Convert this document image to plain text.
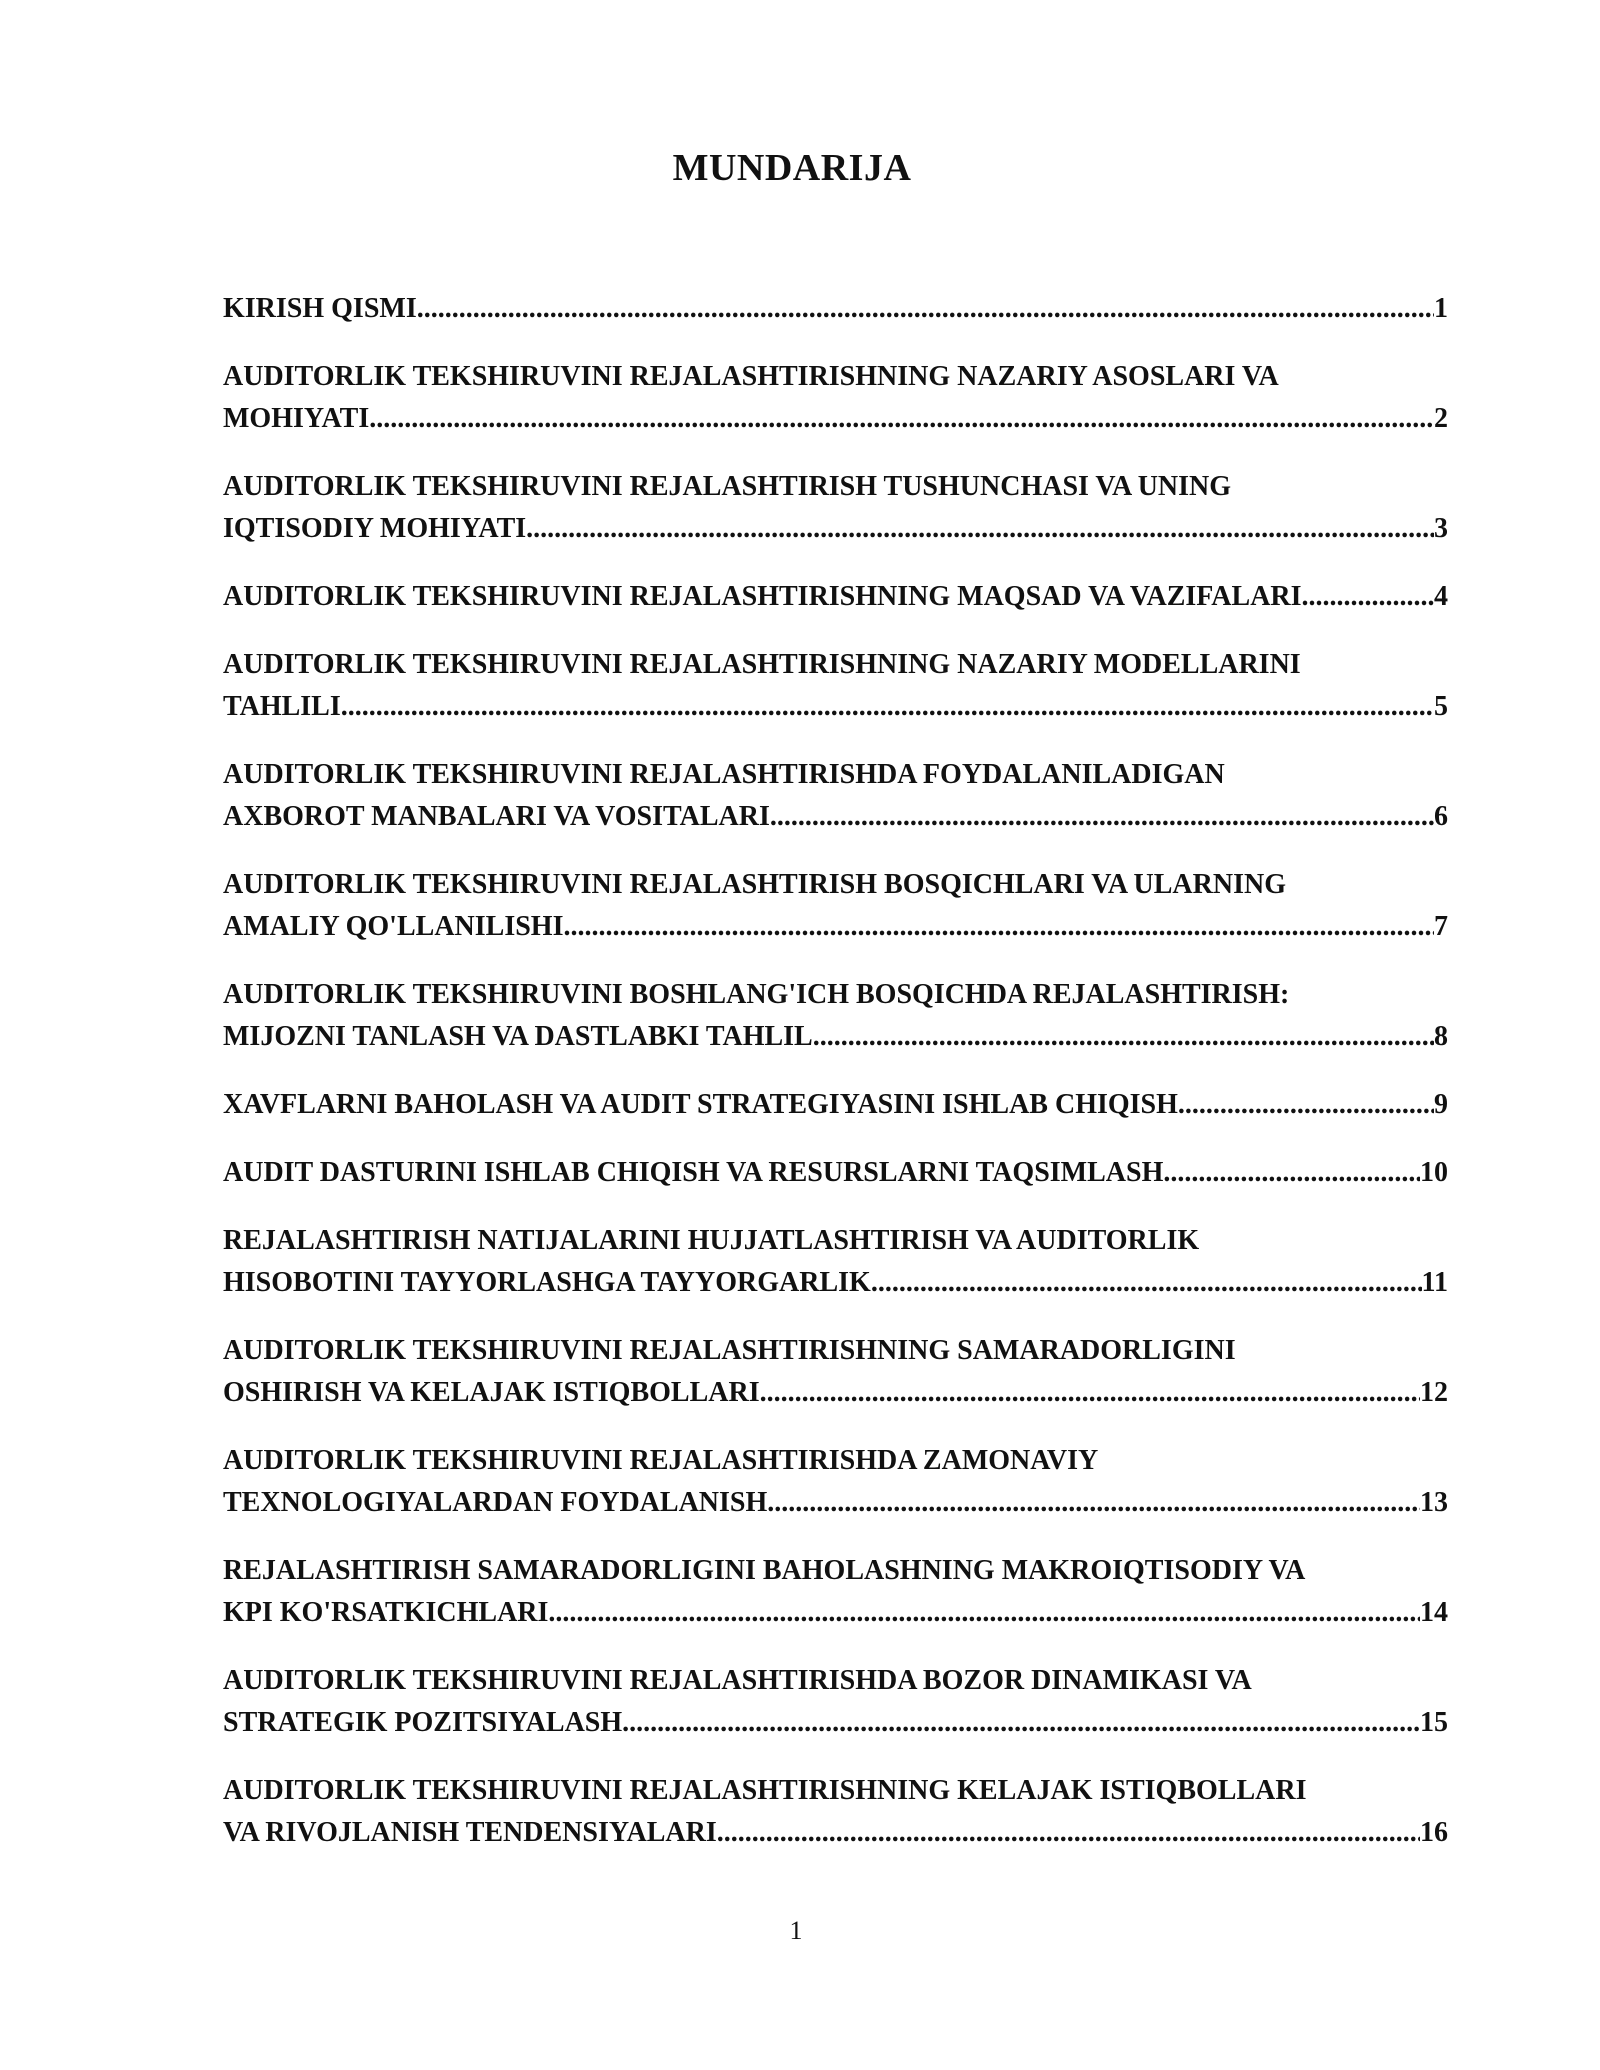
MUNDARIJA
KIRISH QISMI .....	1
AUDITORLIK TEKSHIRUVINI REJALASHTIRISHNING NAZARIY ASOSLARI VA
MOHIYATI .....	2
AUDITORLIK TEKSHIRUVINI REJALASHTIRISH TUSHUNCHASI VA UNING
IQTISODIY MOHIYATI .....	3
AUDITORLIK TEKSHIRUVINI REJALASHTIRISHNING MAQSAD VA VAZIFALARI .....	4
AUDITORLIK TEKSHIRUVINI REJALASHTIRISHNING NAZARIY MODELLARINI
TAHLILI .....	5
AUDITORLIK TEKSHIRUVINI REJALASHTIRISHDA FOYDALANILADIGAN
AXBOROT MANBALARI VA VOSITALARI .....	6
AUDITORLIK TEKSHIRUVINI REJALASHTIRISH BOSQICHLARI VA ULARNING
AMALIY QO'LLANILISHI .....	7
AUDITORLIK TEKSHIRUVINI BOSHLANG'ICH BOSQICHDA REJALASHTIRISH:
MIJOZNI TANLASH VA DASTLABKI TAHLIL .....	8
XAVFLARNI BAHOLASH VA AUDIT STRATEGIYASINI ISHLAB CHIQISH .....	9
AUDIT DASTURINI ISHLAB CHIQISH VA RESURSLARNI TAQSIMLASH .....	10
REJALASHTIRISH NATIJALARINI HUJJATLASHTIRISH VA AUDITORLIK
HISOBOTINI TAYYORLASHGA TAYYORGARLIK .....	11
AUDITORLIK TEKSHIRUVINI REJALASHTIRISHNING SAMARADORLIGINI
OSHIRISH VA KELAJAK ISTIQBOLLARI .....	12
AUDITORLIK TEKSHIRUVINI REJALASHTIRISHDA ZAMONAVIY
TEXNOLOGIYALARDAN FOYDALANISH .....	13
REJALASHTIRISH SAMARADORLIGINI BAHOLASHNING MAKROIQTISODIY VA
KPI KO'RSATKICHLARI .....	14
AUDITORLIK TEKSHIRUVINI REJALASHTIRISHDA BOZOR DINAMIKASI VA
STRATEGIK POZITSIYALASH .....	15
AUDITORLIK TEKSHIRUVINI REJALASHTIRISHNING KELAJAK ISTIQBOLLARI
VA RIVOJLANISH TENDENSIYALARI .....	16

1
